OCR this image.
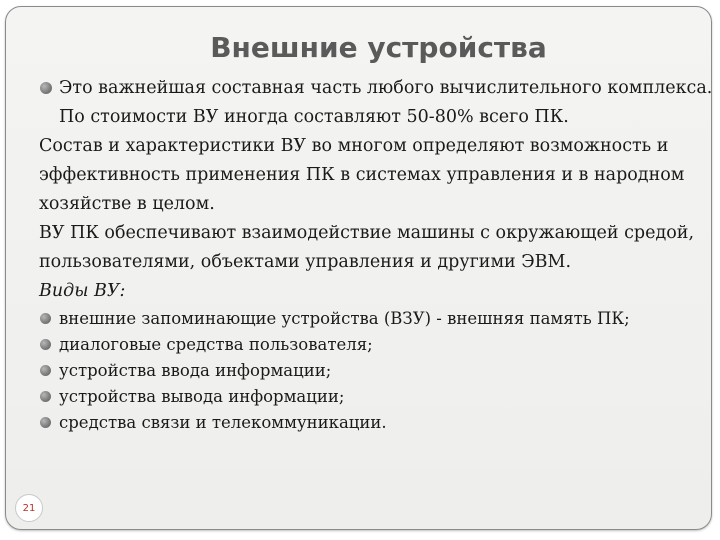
Внешние устройства

Это важнейшая составная часть любого вычислительного комплекса. По стоимости ВУ иногда составляют 50-80% всего ПК.

Состав и характеристики ВУ во многом определяют возможность и эффективность применения ПК в системах управления и в народном хозяйстве в целом.

ВУ ПК обеспечивают взаимодействие машины с окружающей средой, пользователями, объектами управления и другими ЭВМ.

Виды ВУ:

внешние запоминающие устройства (ВЗУ) - внешняя память ПК;

диалоговые средства пользователя;

устройства ввода информации;

устройства вывода информации;

средства связи и телекоммуникации.

21
